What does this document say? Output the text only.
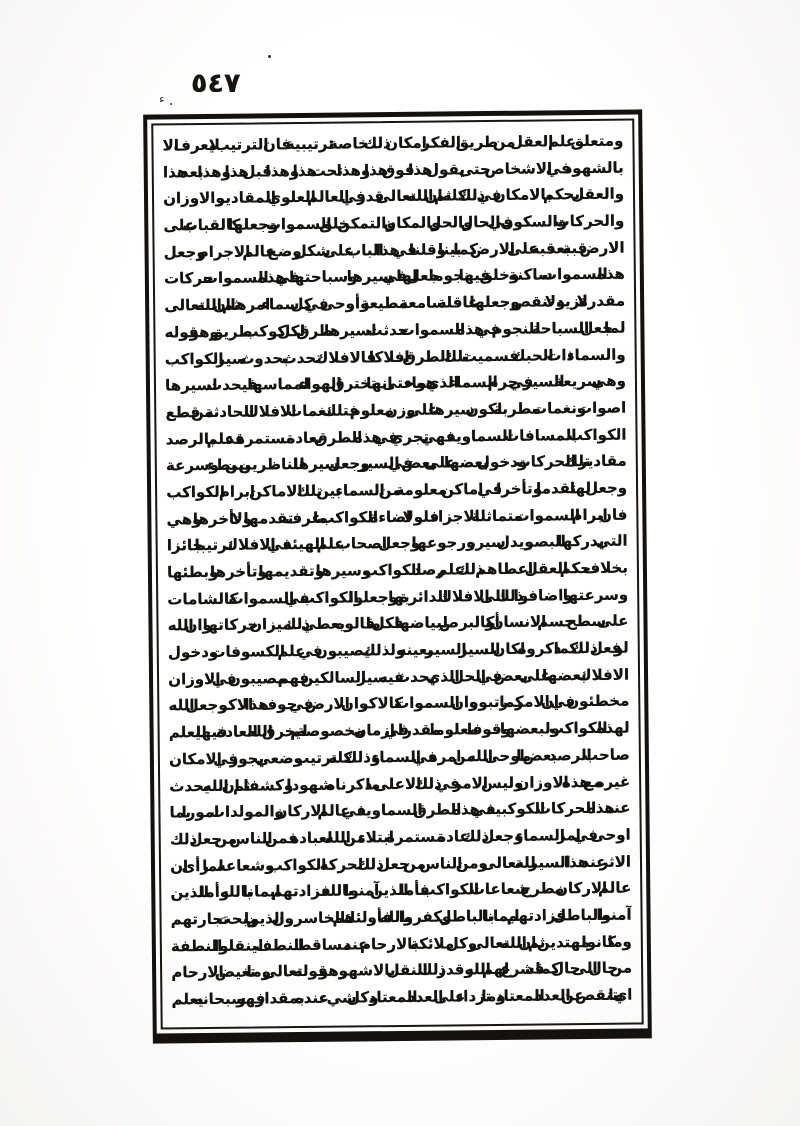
٥٤٧
ء
ومتعلق علم العقل من طريق الفكر امكان ذلك خاصة : ترتيبية فان الترتيب لا يعرف الا
بالشهود في الاشخاص حتى يقول هذا فوق هذا وهذا تحت هذا وهذا قبل هذا وهذا بعد هذا
والعقل يحكم بالامكان في ذلك كله ثم ان الله تعالى قدر في العالم العلوي المقادير والاوزان
والحركات والسكون في الحال والحل والمكان والتمكن خلق السموات وجعلها كالقباب على
الارض قبة بعد قبة على الارض كما بينا وقلنا في هذا الباب على شكل وضع عالم الاجرام وجعل
هذه السموات ساكنة وخلق فيها نجوما جعل لها في سيرها وسباحتها في هذه السموات حركات
مقدرة لا تزيد ولا تنقص وجعلها عاقلة سامعة مطيعة وأوحى في كل سماء امرها ثم ان الله تعالى
لما جعل السباحة للنجوم في هذه السموات حدثت لسيرها طرق لكل كوكب طريق وهو قوله
والسماء ذات الحبك فسميت تلك الطرق افلاكا فالافلاك تحدث بحدوث سير الكواكب
وهي سريعة السير في جرم السماء الذي هو ماء حتى انها تخترق الهواء لمماسها فيحدث لسيرها
اصوات ونغمات مطربة لكون سيرها على وزن معلوم فتلك نغمات الافلاك الحادثة من قطع
الكواكب المسافات السماوية فهي تجري في هذه الطرق بعادة مستمرة قد علم بالرصد
مقادير تلك الحركات ودخول بعضها على بعض في السير وجعل سيرها للناظرين بين بطء وسرعة
وجعل لها تقدما وتأخرا في اماكن معلومة من السماء بين تلك الاماكن ابرام الكواكب
فان ابرام السموات متماثلة الاجزاء فلولا اضاءة الكواكب ما عرف تقدمها ولا تأخرها وهي
التي يدركها البصر ويدل سيره ورجوعها وجعل اصحاب علم الهيئة في الافلاك ترتيبا جائزا
بخلاف حكم العقل اعطاهم ذلك علم رصد الكواكب وسيرها وتقديمها وتأخرها وبطئها
وسرعتها واضافوا ذلك الى الافلاك الدائرة بها وجعلوا الكواكب في السموات كالشامات
على سطح جسم الانسان أو كالبرص لبياضها فكل ما قالوه يعطي ذلك ميزان حركاتها وان الله
لو فعل ذلك كما ذكروه لكان السير السير بعينه ولذلك يصيبون في علم الكسوفات ودخول
الافلاك بعضها على بعض في الحل الذي يحدث فيه سير السالكين فهم مصيبون في الاوزان
مخطئون في ان الامر كما رتبوه وان السموات كالاكر وان الارض في جوف هذا الاكر وجعل الله
لهذه الكواكب ولبعضها وقوفا معلوما مقدرا في ازمان مخصوصة لم يخرق الله العادة فيها ليعلم
صاحب الرصد بعض ما اوحى الله من امره في السماء وذلك كله ترتيب وضعي يجوز في الامكان
غيره مع هذه الاوزان وليس الامر في ذلك الاعلى ما ذكرناه شهودا وكشفا ثم ان الله يحدث
عند هذه الحركات الكوكبية في هذه الطرق السماوية في عالم الاركان والمولدات امورا بما
اوحى في امر السماء وجعل ذلك عادة مستمرة ابتلاء من الله لعباده فمن الناس من جعل ذلك
الاثر عند هذا السير لله تعالى ومن الناس من جعل ذلك لحركة الكواكب وشعاعه لما رأى ان
عالم الاركان مطرح شعاعات الكواكب فأما الذين آمنوا بالله فزادتهم ايمانا بالله وأما الذين
آمنوا بالباطل فزادتهم ايمانا بالباطل وكفروا بالله فأولئك هم الخاسرون الذين ما ربحت تجارتهم
وما كانوا مهتدين ثم ان الله تعالى وكل ملائكة بالارحام عند مساقط النطف لينقلوا النطفة
من حال الى حال كما قد شرع لهم الله وقدر ذلك النقل بالاشهر وهو قوله تعالى وما تغيض الارحام
اي ما تنقص عن العدد المعتاد وما تزداد على العدد المعتاد وكل شيء عنده بمقدار فهو سبحانه يعلم
